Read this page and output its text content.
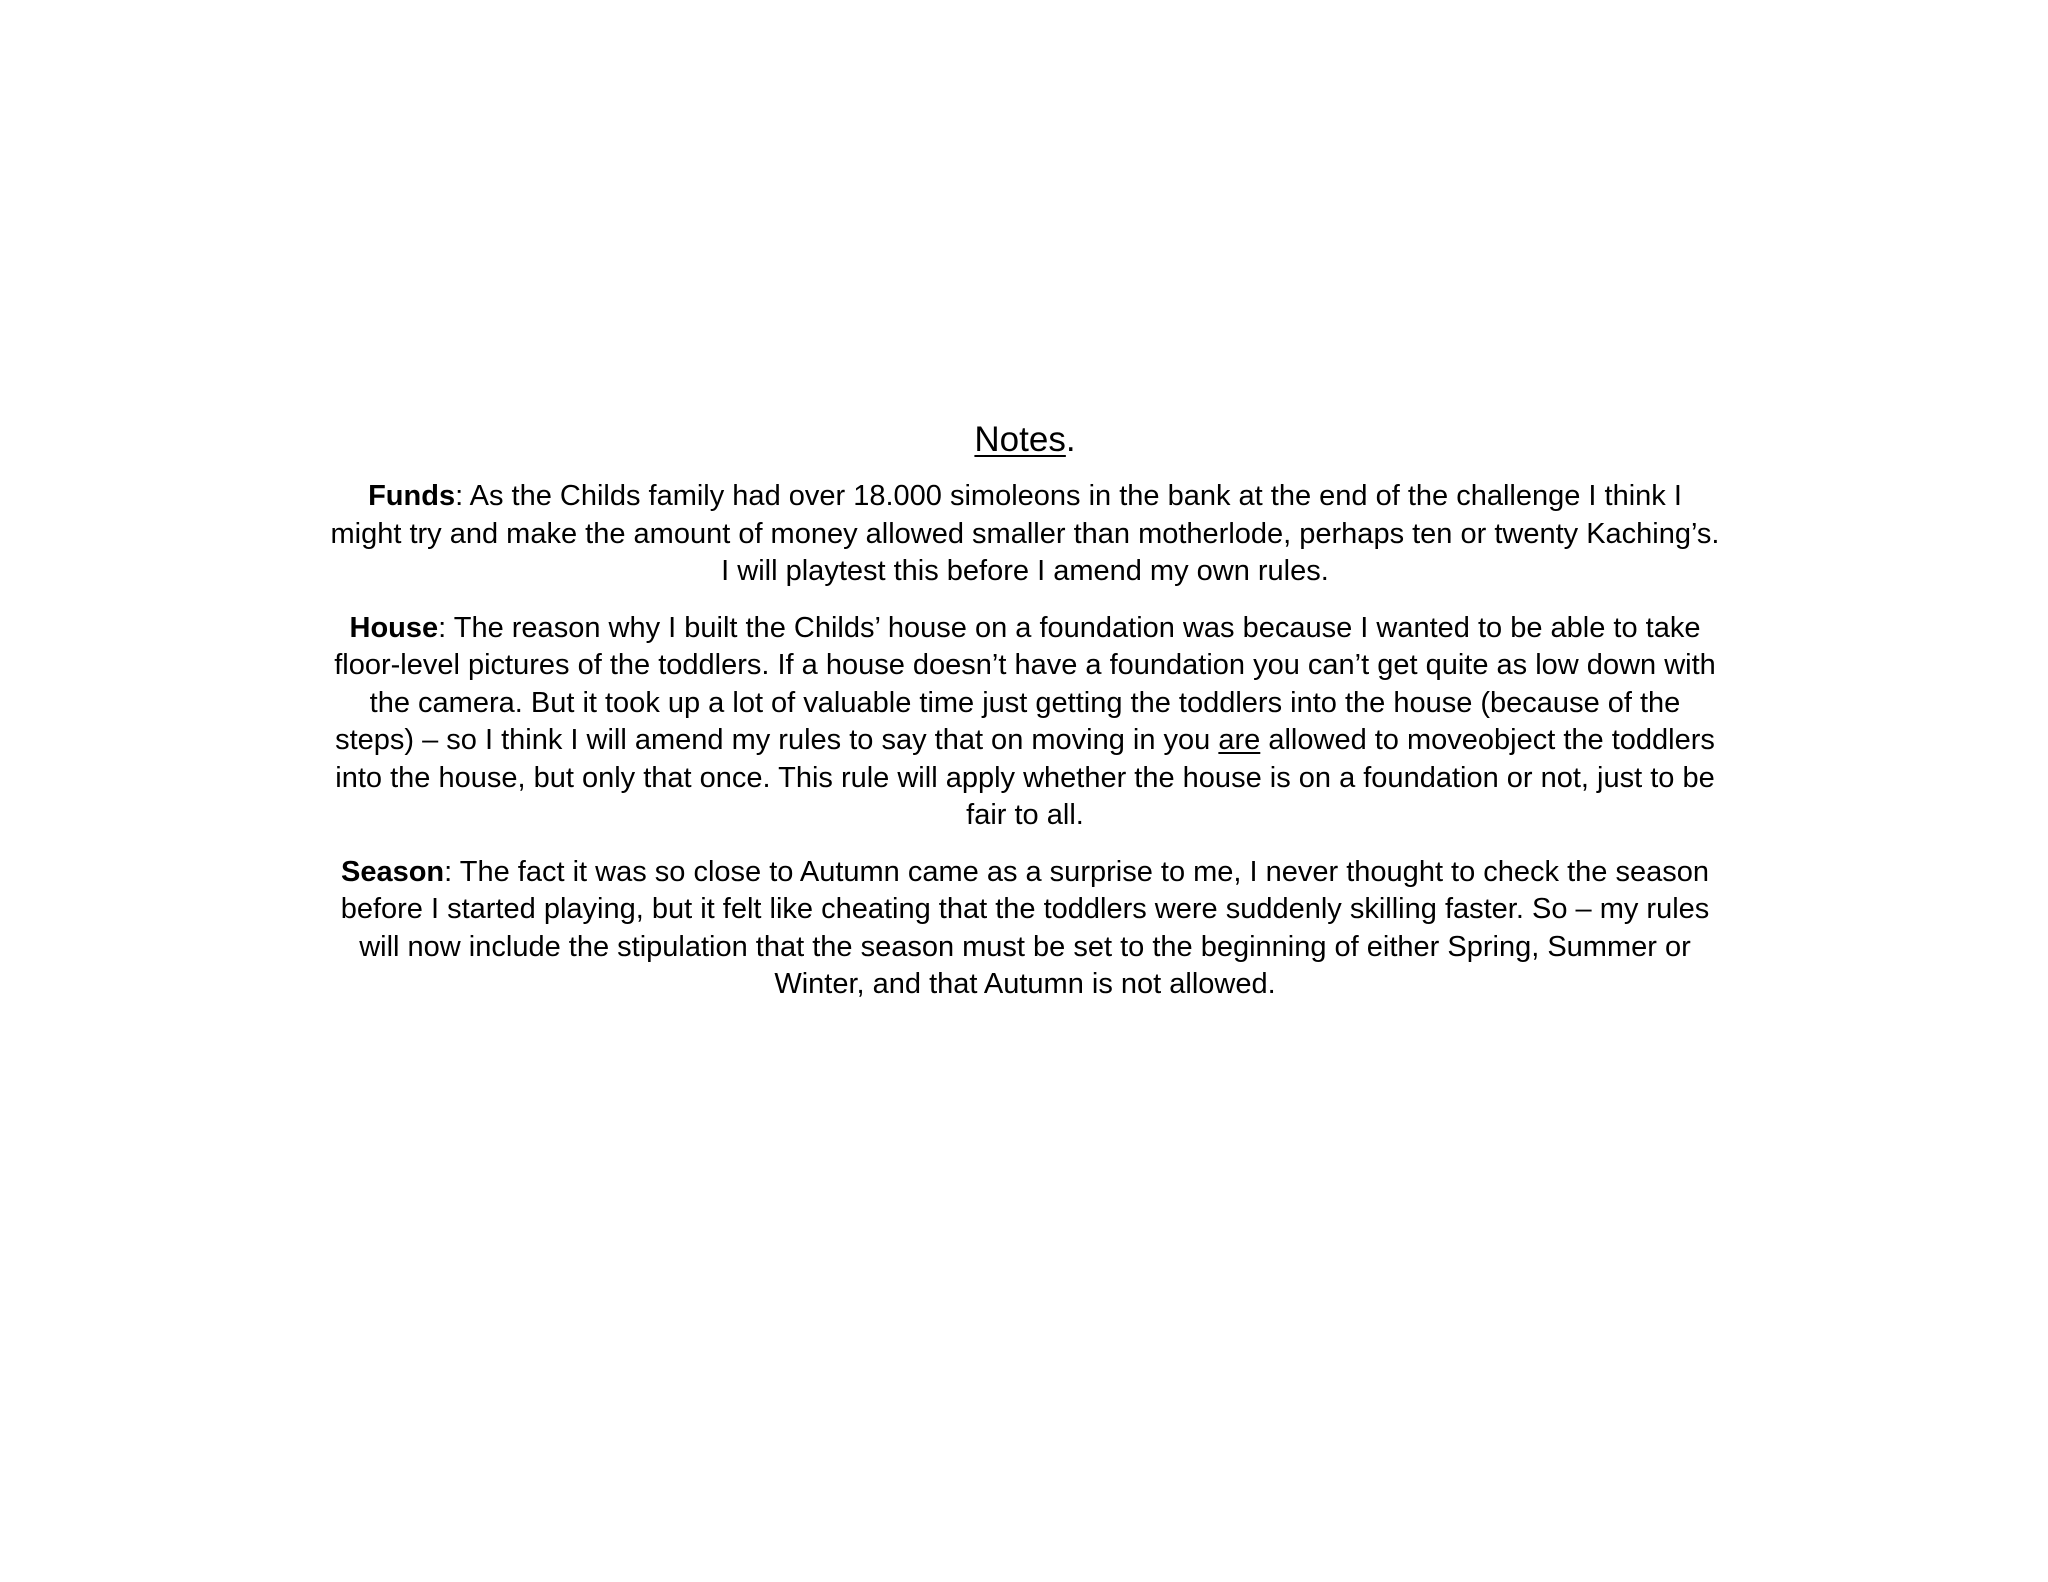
Notes.

Funds: As the Childs family had over 18.000 simoleons in the bank at the end of the challenge I think I might try and make the amount of money allowed smaller than motherlode, perhaps ten or twenty Kaching’s. I will playtest this before I amend my own rules.

House: The reason why I built the Childs’ house on a foundation was because I wanted to be able to take floor-level pictures of the toddlers. If a house doesn’t have a foundation you can’t get quite as low down with the camera. But it took up a lot of valuable time just getting the toddlers into the house (because of the steps) – so I think I will amend my rules to say that on moving in you are allowed to moveobject the toddlers into the house, but only that once. This rule will apply whether the house is on a foundation or not, just to be fair to all.

Season: The fact it was so close to Autumn came as a surprise to me, I never thought to check the season before I started playing, but it felt like cheating that the toddlers were suddenly skilling faster. So – my rules will now include the stipulation that the season must be set to the beginning of either Spring, Summer or Winter, and that Autumn is not allowed.
